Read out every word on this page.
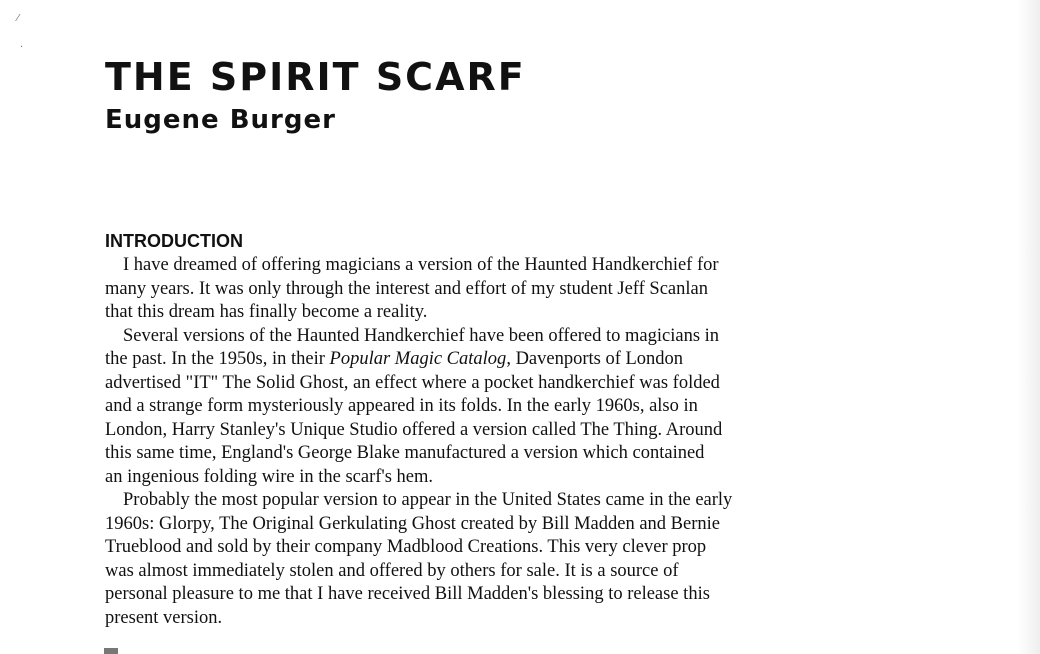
⁄
·
THE SPIRIT SCARF
Eugene Burger
INTRODUCTION
I have dreamed of offering magicians a version of the Haunted Handkerchief for
many years. It was only through the interest and effort of my student Jeff Scanlan
that this dream has finally become a reality.
Several versions of the Haunted Handkerchief have been offered to magicians in
the past. In the 1950s, in their Popular Magic Catalog, Davenports of London
advertised "IT" The Solid Ghost, an effect where a pocket handkerchief was folded
and a strange form mysteriously appeared in its folds. In the early 1960s, also in
London, Harry Stanley's Unique Studio offered a version called The Thing. Around
this same time, England's George Blake manufactured a version which contained
an ingenious folding wire in the scarf's hem.
Probably the most popular version to appear in the United States came in the early
1960s: Glorpy, The Original Gerkulating Ghost created by Bill Madden and Bernie
Trueblood and sold by their company Madblood Creations. This very clever prop
was almost immediately stolen and offered by others for sale. It is a source of
personal pleasure to me that I have received Bill Madden's blessing to release this
present version.
